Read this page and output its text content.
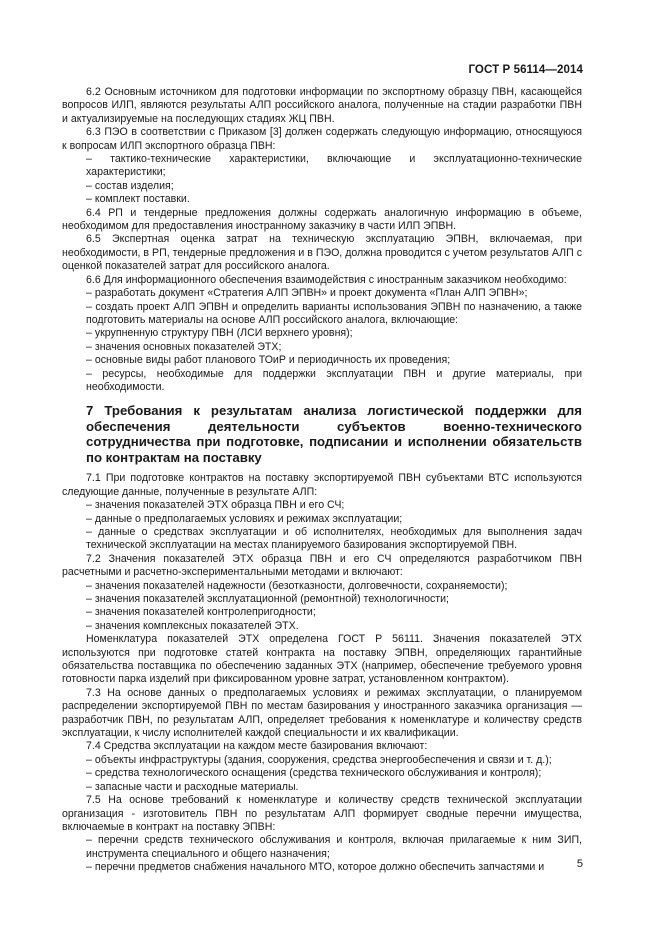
ГОСТ Р 56114—2014

6.2 Основным источником для подготовки информации по экспортному образцу ПВН, касающейся вопросов ИЛП, являются результаты АЛП российского аналога, полученные на стадии разработки ПВН и актуализируемые на последующих стадиях ЖЦ ПВН.

6.3 ПЭО в соответствии с Приказом [3] должен содержать следующую информацию, относящуюся к вопросам ИЛП экспортного образца ПВН:

– тактико-технические характеристики, включающие и эксплуатационно-технические характеристики;

– состав изделия;

– комплект поставки.

6.4 РП и тендерные предложения должны содержать аналогичную информацию в объеме, необходимом для предоставления иностранному заказчику в части ИЛП ЭПВН.

6.5 Экспертная оценка затрат на техническую эксплуатацию ЭПВН, включаемая, при необходимости, в РП, тендерные предложения и в ПЭО, должна проводится с учетом результатов АЛП с оценкой показателей затрат для российского аналога.

6.6 Для информационного обеспечения взаимодействия с иностранным заказчиком необходимо:

– разработать документ «Стратегия АЛП ЭПВН» и проект документа «План АЛП ЭПВН»;

– создать проект АЛП ЭПВН и определить варианты использования ЭПВН по назначению, а также подготовить материалы на основе АЛП российского аналога, включающие:

– укрупненную структуру ПВН (ЛСИ верхнего уровня);

– значения основных показателей ЭТХ;

– основные виды работ планового ТОиР и периодичность их проведения;

– ресурсы, необходимые для поддержки эксплуатации ПВН и другие материалы, при необходимости.

7 Требования к результатам анализа логистической поддержки для обеспечения деятельности субъектов военно-технического сотрудничества при подготовке, подписании и исполнении обязательств по контрактам на поставку

7.1 При подготовке контрактов на поставку экспортируемой ПВН субъектами ВТС используются следующие данные, полученные в результате АЛП:

– значения показателей ЭТХ образца ПВН и его СЧ;

– данные о предполагаемых условиях и режимах эксплуатации;

– данные о средствах эксплуатации и об исполнителях, необходимых для выполнения задач технической эксплуатации на местах планируемого базирования экспортируемой ПВН.

7.2 Значения показателей ЭТХ образца ПВН и его СЧ определяются разработчиком ПВН расчетными и расчетно-экспериментальными методами и включают:

– значения показателей надежности (безотказности, долговечности, сохраняемости);

– значения показателей эксплуатационной (ремонтной) технологичности;

– значения показателей контролепригодности;

– значения комплексных показателей ЭТХ.

Номенклатура показателей ЭТХ определена ГОСТ Р 56111. Значения показателей ЭТХ используются при подготовке статей контракта на поставку ЭПВН, определяющих гарантийные обязательства поставщика по обеспечению заданных ЭТХ (например, обеспечение требуемого уровня готовности парка изделий при фиксированном уровне затрат, установленном контрактом).

7.3 На основе данных о предполагаемых условиях и режимах эксплуатации, о планируемом распределении экспортируемой ПВН по местам базирования у иностранного заказчика организация — разработчик ПВН, по результатам АЛП, определяет требования к номенклатуре и количеству средств эксплуатации, к числу исполнителей каждой специальности и их квалификации.

7.4 Средства эксплуатации на каждом месте базирования включают:

– объекты инфраструктуры (здания, сооружения, средства энергообеспечения и связи и т. д.);

– средства технологического оснащения (средства технического обслуживания и контроля);

– запасные части и расходные материалы.

7.5 На основе требований к номенклатуре и количеству средств технической эксплуатации организация - изготовитель ПВН по результатам АЛП формирует сводные перечни имущества, включаемые в контракт на поставку ЭПВН:

– перечни средств технического обслуживания и контроля, включая прилагаемые к ним ЗИП, инструмента специального и общего назначения;

– перечни предметов снабжения начального МТО, которое должно обеспечить запчастями и	5
